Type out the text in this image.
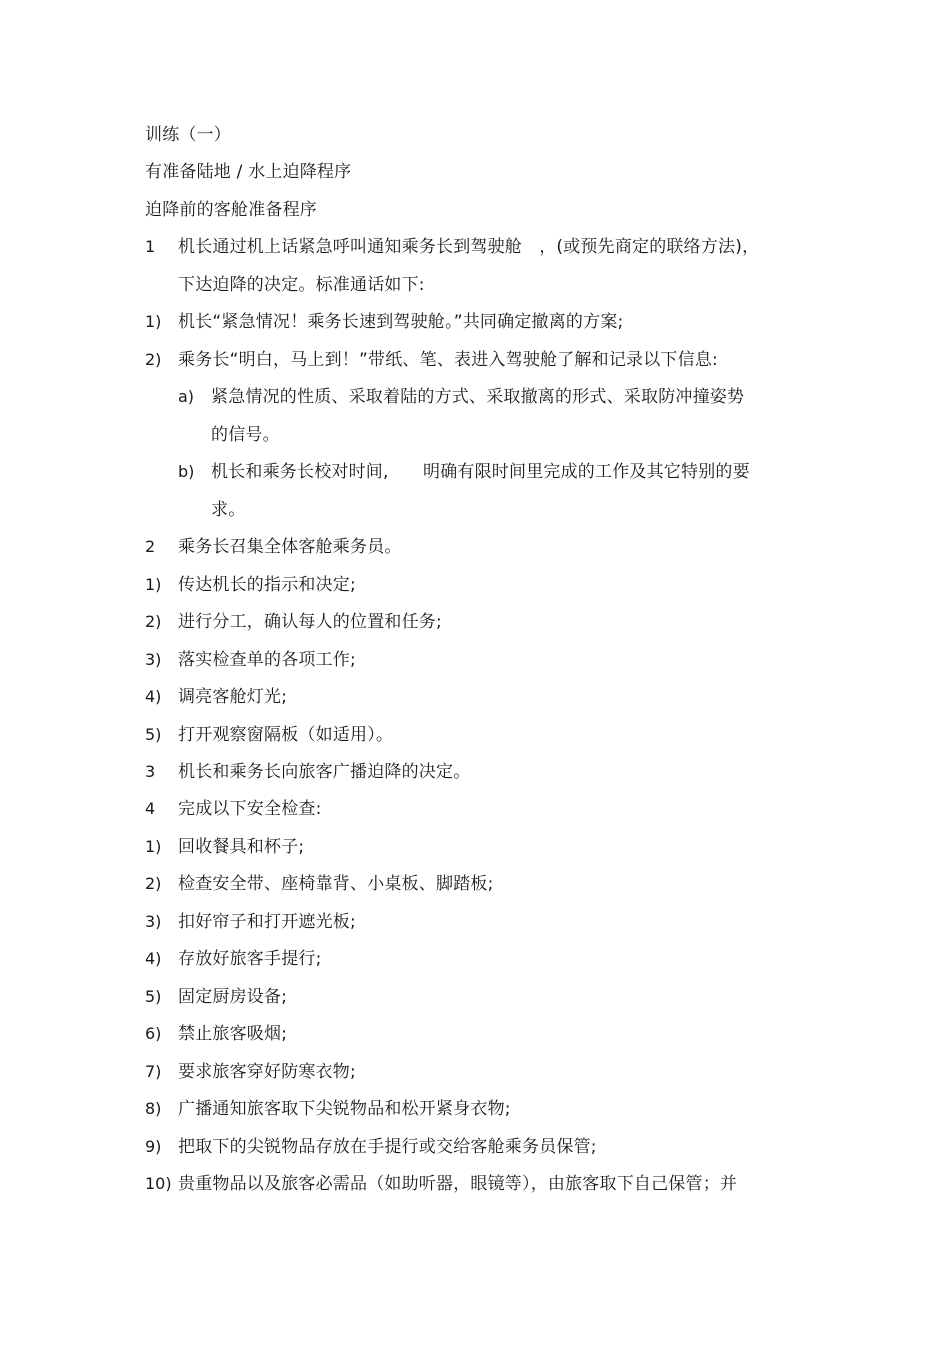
训练（一）
有准备陆地 / 水上迫降程序
迫降前的客舱准备程序
1 机长通过机上话紧急呼叫通知乘务长到驾驶舱　，(或预先商定的联络方法)，
下达迫降的决定。标准通话如下:
1) 机长“紧急情况！乘务长速到驾驶舱。”共同确定撤离的方案;
2) 乘务长“明白，马上到！”带纸、笔、表进入驾驶舱了解和记录以下信息:
a) 紧急情况的性质、采取着陆的方式、采取撤离的形式、采取防冲撞姿势
的信号。
b) 机长和乘务长校对时间,　　明确有限时间里完成的工作及其它特别的要
求。
2 乘务长召集全体客舱乘务员。
1) 传达机长的指示和决定;
2) 进行分工，确认每人的位置和任务;
3) 落实检查单的各项工作;
4) 调亮客舱灯光;
5) 打开观察窗隔板（如适用）。
3 机长和乘务长向旅客广播迫降的决定。
4 完成以下安全检查:
1) 回收餐具和杯子;
2) 检查安全带、座椅靠背、小桌板、脚踏板;
3) 扣好帘子和打开遮光板;
4) 存放好旅客手提行;
5) 固定厨房设备;
6) 禁止旅客吸烟;
7) 要求旅客穿好防寒衣物;
8) 广播通知旅客取下尖锐物品和松开紧身衣物;
9) 把取下的尖锐物品存放在手提行或交给客舱乘务员保管;
10) 贵重物品以及旅客必需品（如助听器，眼镜等），由旅客取下自己保管；并
